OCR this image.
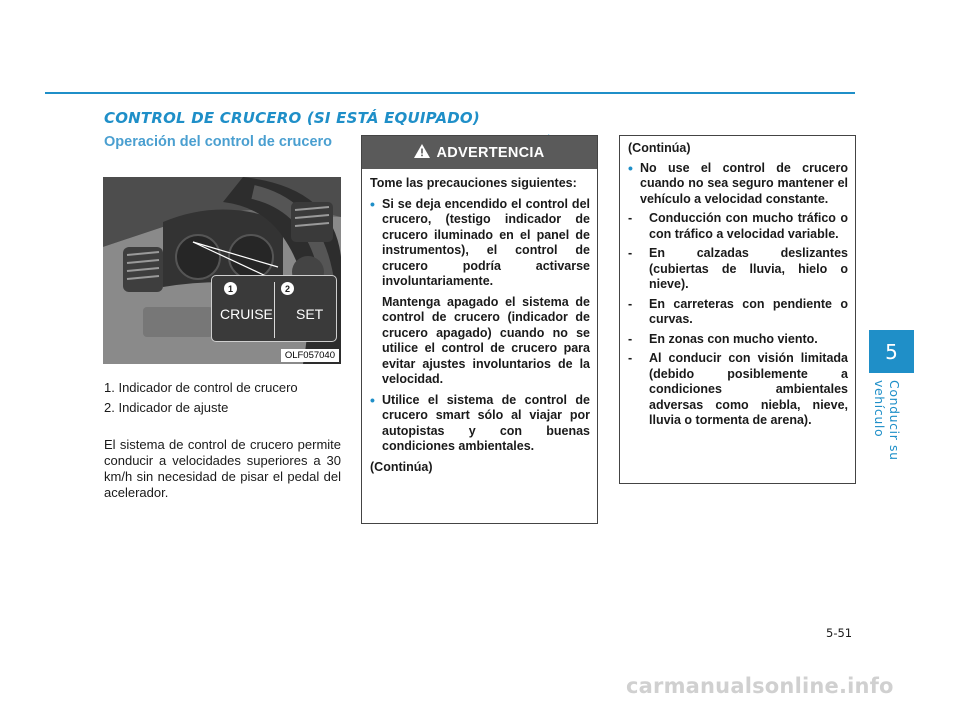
CONTROL DE CRUCERO (SI ESTÁ EQUIPADO)
Operación del control de crucero
OLF057040
1	2
CRUISE SET
1. Indicador de control de crucero
2. Indicador de ajuste

El sistema de control de crucero permite conducir a velocidades superiores a 30 km/h sin necesidad de pisar el pedal del acelerador.

ADVERTENCIA

Tome las precauciones siguientes:

• Si se deja encendido el control del crucero, (testigo indicador de crucero iluminado en el panel de instrumentos), el control de crucero podría activarse involuntariamente.

Mantenga apagado el sistema de control de crucero (indicador de crucero apagado) cuando no se utilice el control de crucero para evitar ajustes involuntarios de la velocidad.

• Utilice el sistema de control de crucero smart sólo al viajar por autopistas y con buenas condiciones ambientales.

(Continúa)

(Continúa)

• No use el control de crucero cuando no sea seguro mantener el vehículo a velocidad constante.

- Conducción con mucho tráfico o con tráfico a velocidad variable.

- En calzadas deslizantes (cubiertas de lluvia, hielo o nieve).

- En carreteras con pendiente o curvas.

- En zonas con mucho viento.

- Al conducir con visión limitada (debido posiblemente a condiciones ambientales adversas como niebla, nieve, lluvia o tormenta de arena).

5
Conducir su vehículo
5-51
carmanualsonline.info
